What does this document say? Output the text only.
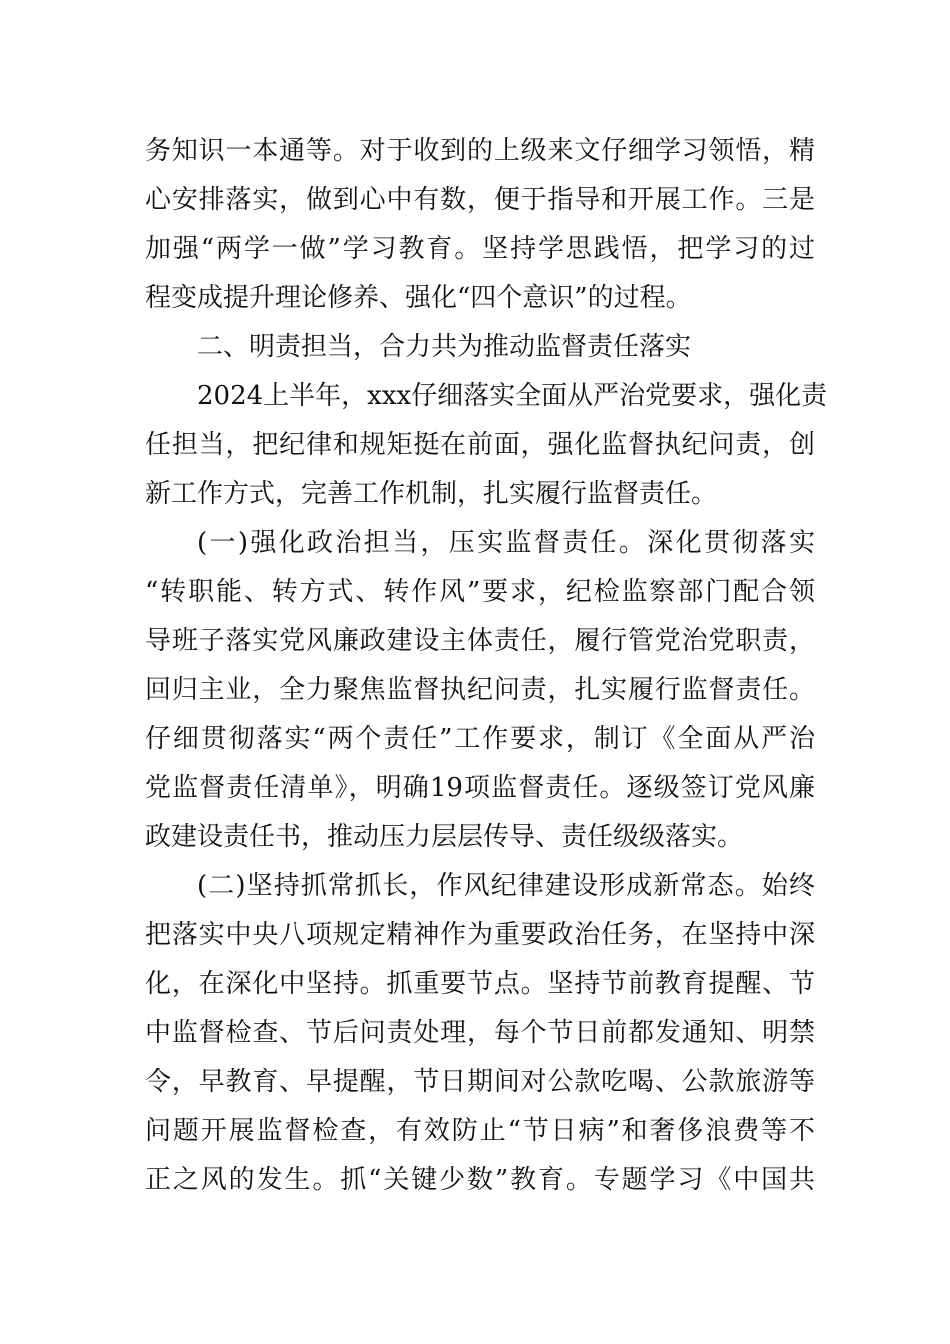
务知识一本通等。对于收到的上级来文仔细学习领悟，精
心安排落实，做到心中有数，便于指导和开展工作。三是
加强“两学一做”学习教育。坚持学思践悟，把学习的过
程变成提升理论修养、强化“四个意识”的过程。
二、明责担当，合力共为推动监督责任落实
2024上半年，xxx仔细落实全面从严治党要求，强化责
任担当，把纪律和规矩挺在前面，强化监督执纪问责，创
新工作方式，完善工作机制，扎实履行监督责任。
(一)强化政治担当，压实监督责任。深化贯彻落实
“转职能、转方式、转作风”要求，纪检监察部门配合领
导班子落实党风廉政建设主体责任，履行管党治党职责，
回归主业，全力聚焦监督执纪问责，扎实履行监督责任。
仔细贯彻落实“两个责任”工作要求，制订《全面从严治
党监督责任清单》，明确19项监督责任。逐级签订党风廉
政建设责任书，推动压力层层传导、责任级级落实。
(二)坚持抓常抓长，作风纪律建设形成新常态。始终
把落实中央八项规定精神作为重要政治任务，在坚持中深
化，在深化中坚持。抓重要节点。坚持节前教育提醒、节
中监督检查、节后问责处理，每个节日前都发通知、明禁
令，早教育、早提醒，节日期间对公款吃喝、公款旅游等
问题开展监督检查，有效防止“节日病”和奢侈浪费等不
正之风的发生。抓“关键少数”教育。专题学习《中国共
